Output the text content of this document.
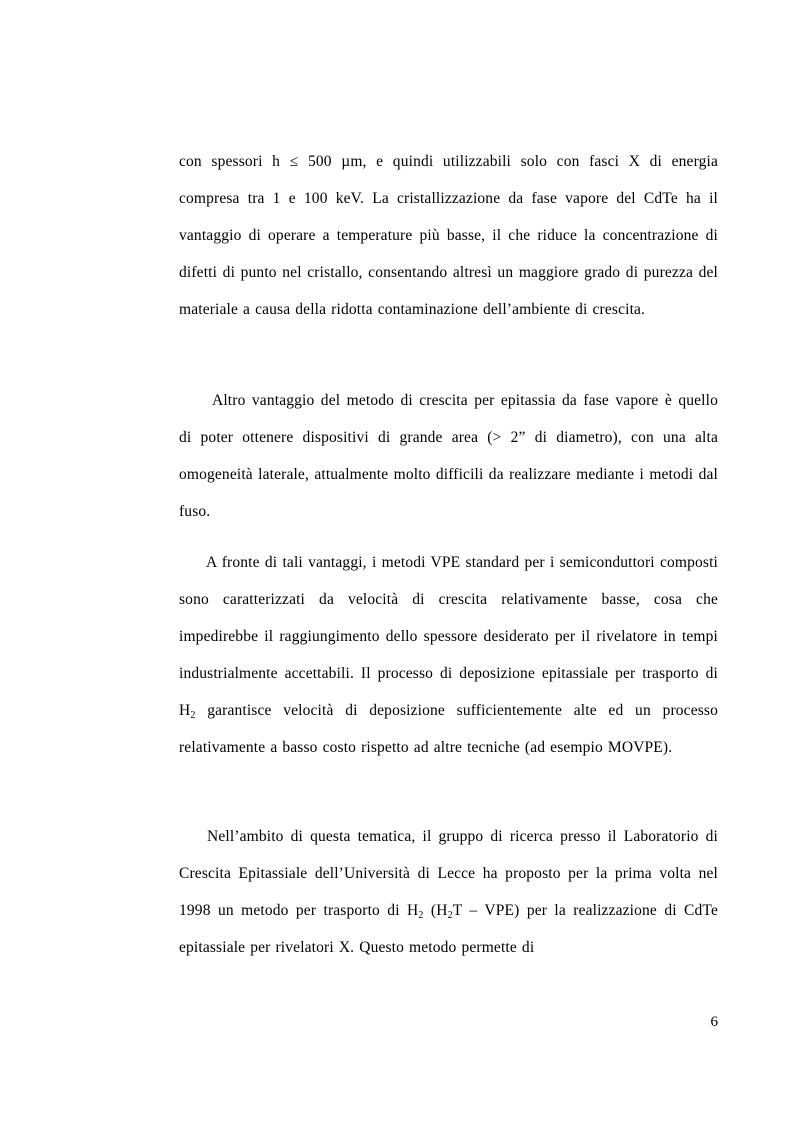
con spessori h ≤ 500 µm, e quindi utilizzabili solo con fasci X di energia compresa tra 1 e 100 keV. La cristallizzazione da fase vapore del CdTe ha il vantaggio di operare a temperature più basse, il che riduce la concentrazione di difetti di punto nel cristallo, consentando altresì un maggiore grado di purezza del materiale a causa della ridotta contaminazione dell’ambiente di crescita.

Altro vantaggio del metodo di crescita per epitassia da fase vapore è quello di poter ottenere dispositivi di grande area (> 2” di diametro), con una alta omogeneità laterale, attualmente molto difficili da realizzare mediante i metodi dal fuso.

A fronte di tali vantaggi, i metodi VPE standard per i semiconduttori composti sono caratterizzati da velocità di crescita relativamente basse, cosa che impedirebbe il raggiungimento dello spessore desiderato per il rivelatore in tempi industrialmente accettabili. Il processo di deposizione epitassiale per trasporto di $H_2$ garantisce velocità di deposizione sufficientemente alte ed un processo relativamente a basso costo rispetto ad altre tecniche (ad esempio MOVPE).

Nell’ambito di questa tematica, il gruppo di ricerca presso il Laboratorio di Crescita Epitassiale dell’Università di Lecce ha proposto per la prima volta nel 1998 un metodo per trasporto di $H_2$ $(H_2T - VPE)$ per la realizzazione di CdTe epitassiale per rivelatori X. Questo metodo permette di

6
